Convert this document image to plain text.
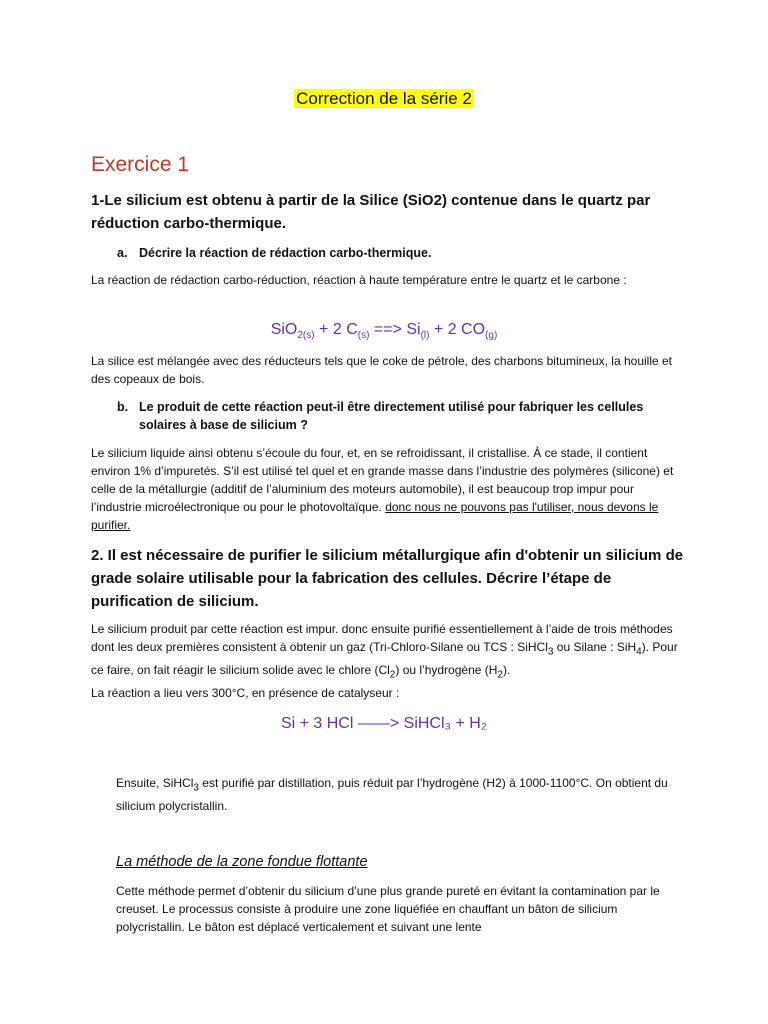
Correction de la série 2
Exercice 1

1-Le silicium est obtenu à partir de la Silice (SiO2) contenue dans le quartz par réduction carbo-thermique.

a. Décrire la réaction de rédaction carbo-thermique.

La réaction de rédaction carbo-réduction, réaction à haute température entre le quartz et le carbone :

SiO$_{2(s)}$ + 2 $C_{(s)}$ ==> $Si_{(l)} + 2$ $CO_{(g)}$

La silice est mélangée avec des réducteurs tels que le coke de pétrole, des charbons bitumineux, la houille et des copeaux de bois.

b. Le produit de cette réaction peut-il être directement utilisé pour fabriquer les cellules solaires à base de silicium ?

Le silicium liquide ainsi obtenu s’écoule du four, et, en se refroidissant, il cristallise. À ce stade, il contient environ 1% d’impuretés. S’il est utilisé tel quel et en grande masse dans l’industrie des polymères (silicone) et celle de la métallurgie (additif de l’aluminium des moteurs automobile), il est beaucoup trop impur pour l’industrie microélectronique ou pour le photovoltaïque. donc nous ne pouvons pas l'utiliser, nous devons le purifier.

2. Il est nécessaire de purifier le silicium métallurgique afin d'obtenir un silicium de grade solaire utilisable pour la fabrication des cellules. Décrire l’étape de purification de silicium.

Le silicium produit par cette réaction est impur. donc ensuite purifié essentiellement à l’aide de trois méthodes dont les deux premières consistent à obtenir un gaz (Tri-Chloro-Silane ou TCS : SiHCl$_3$ ou Silane : SiH$_4$). Pour ce faire, on fait réagir le silicium solide avec le chlore $(Cl_2)$ ou l’hydrogène $(H_2)$.

La réaction a lieu vers 300°C, en présence de catalyseur :

Si + 3 HCl ——> SiHCl₃ + H₂

Ensuite, SiHCl$_3$ est purifié par distillation, puis réduit par l’hydrogène (H2) à 1000-1100°C. On obtient du silicium polycristallin.

La méthode de la zone fondue flottante

Cette méthode permet d’obtenir du silicium d’une plus grande pureté en évitant la contamination par le creuset. Le processus consiste à produire une zone liquéfiée en chauffant un bâton de silicium polycristallin. Le bâton est déplacé verticalement et suivant une lente
